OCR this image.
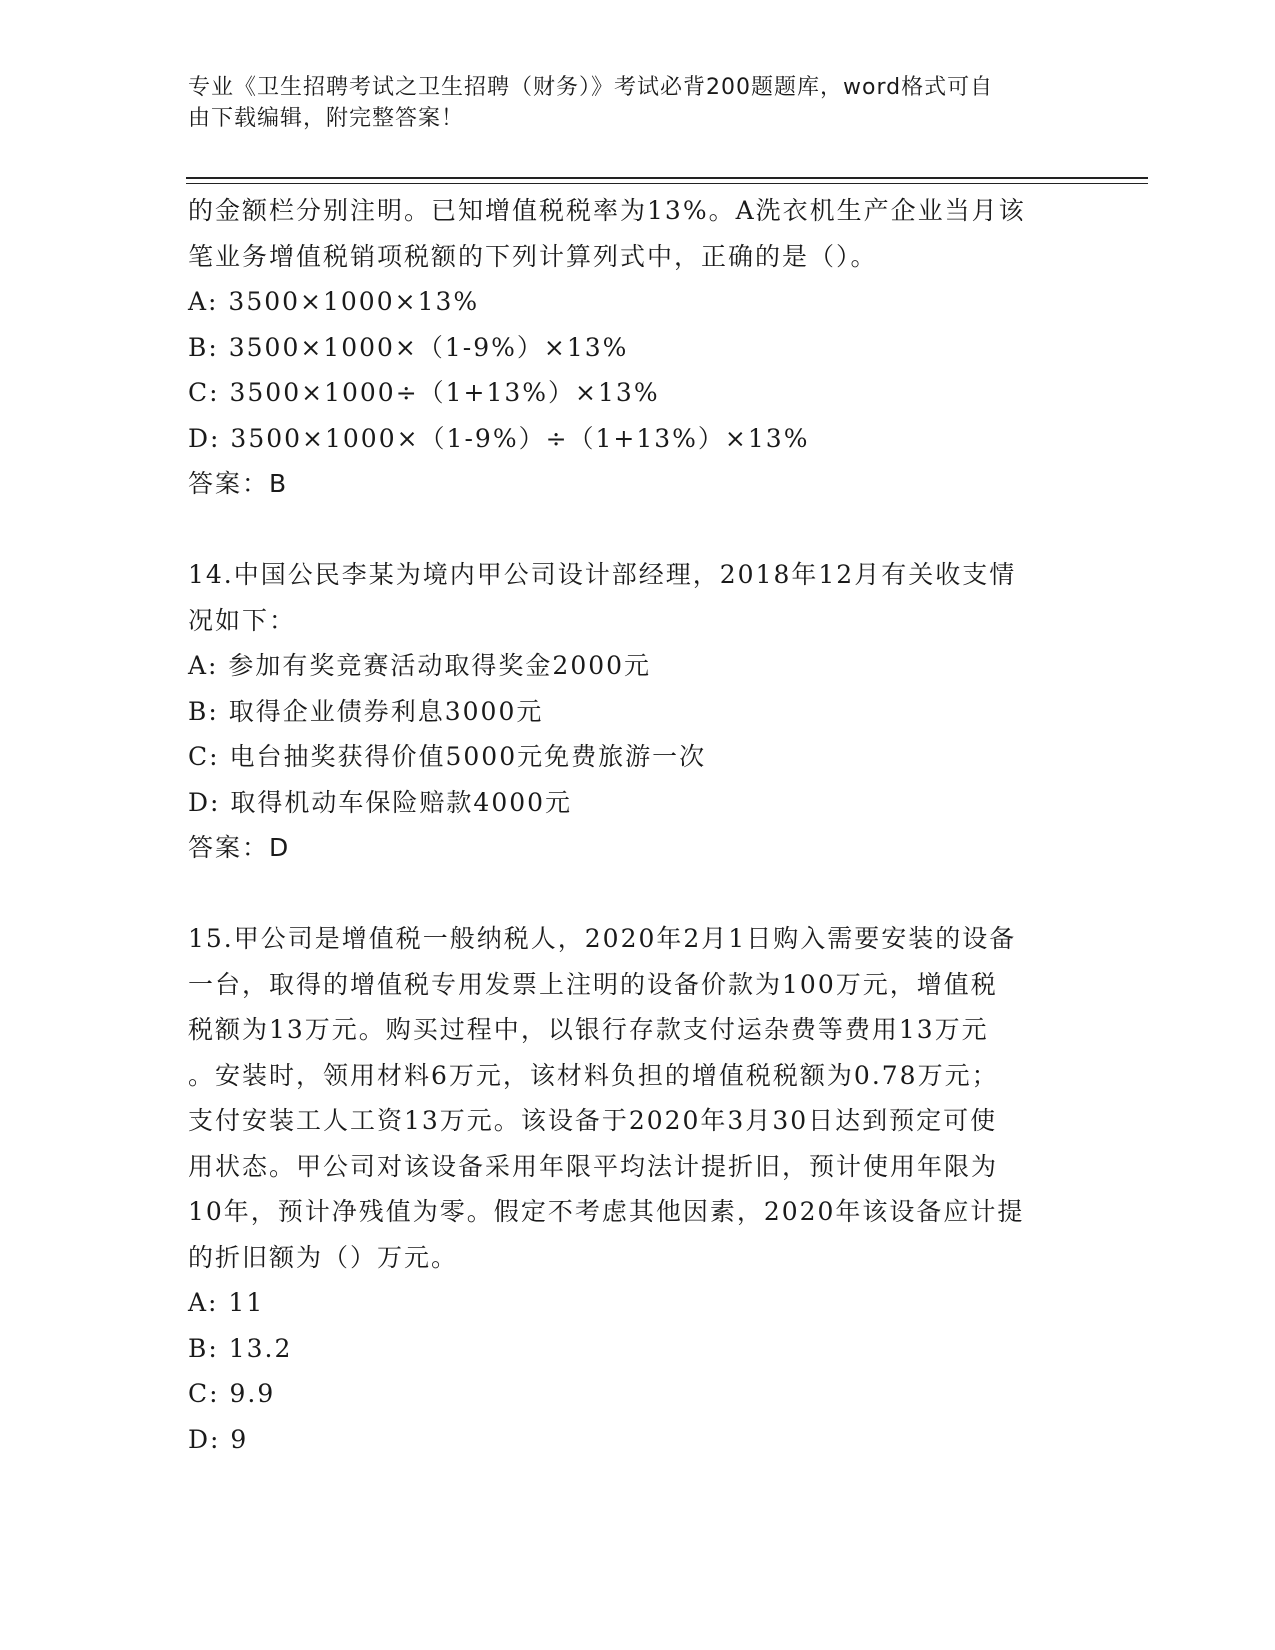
专业《卫生招聘考试之卫生招聘（财务）》考试必背200题题库，word格式可自
由下载编辑，附完整答案！
的金额栏分别注明。已知增值税税率为13%。A洗衣机生产企业当月该
笔业务增值税销项税额的下列计算列式中，正确的是（）。
A: 3500×1000×13%
B: 3500×1000×（1-9%）×13%
C: 3500×1000÷（1+13%）×13%
D: 3500×1000×（1-9%）÷（1+13%）×13%
答案：B
14.中国公民李某为境内甲公司设计部经理，2018年12月有关收支情
况如下：
A: 参加有奖竞赛活动取得奖金2000元
B: 取得企业债券利息3000元
C: 电台抽奖获得价值5000元免费旅游一次
D: 取得机动车保险赔款4000元
答案：D
15.甲公司是增值税一般纳税人，2020年2月1日购入需要安装的设备
一台，取得的增值税专用发票上注明的设备价款为100万元，增值税
税额为13万元。购买过程中，以银行存款支付运杂费等费用13万元
。安装时，领用材料6万元，该材料负担的增值税税额为0.78万元；
支付安装工人工资13万元。该设备于2020年3月30日达到预定可使
用状态。甲公司对该设备采用年限平均法计提折旧，预计使用年限为
10年，预计净残值为零。假定不考虑其他因素，2020年该设备应计提
的折旧额为（）万元。
A: 11
B: 13.2
C: 9.9
D: 9
